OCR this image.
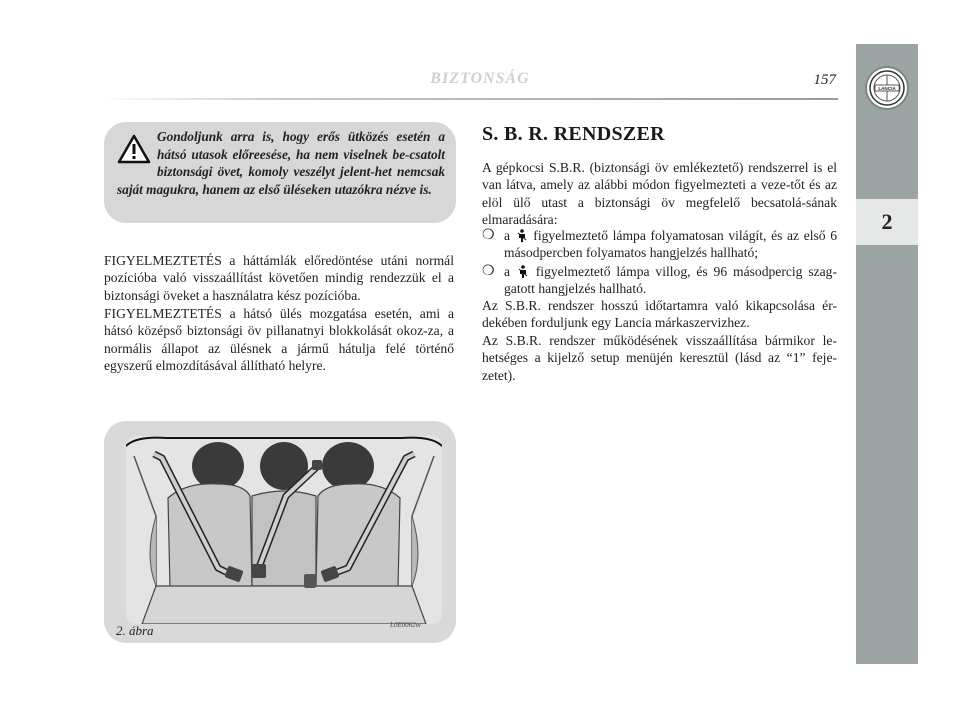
BIZTONSÁG	157
LANCIA
2
Gondoljunk arra is, hogy erős ütközés esetén a hátsó utasok előreesése, ha nem viselnek be-csatolt biztonsági övet, komoly veszélyt jelent-het nemcsak saját magukra, hanem az első üléseken utazókra nézve is.
FIGYELMEZTETÉS a háttámlák előredöntése utáni normál pozícióba való visszaállítást követően mindig rendezzük el a biztonsági öveket a használatra kész pozícióba.
FIGYELMEZTETÉS a hátsó ülés mozgatása esetén, ami a hátsó középső biztonsági öv pillanatnyi blokkolását okoz-za, a normális állapot az ülésnek a jármű hátulja felé történő egyszerű elmozdításával állítható helyre.
2. ábra	L0E0062m
S. B. R. RENDSZER
A gépkocsi S.B.R. (biztonsági öv emlékeztető) rendszerrel is el van látva, amely az alábbi módon figyelmezteti a veze-tőt és az elöl ülő utast a biztonsági öv megfelelő becsatolá-sának elmaradására:
❍ a figyelmeztető lámpa folyamatosan világít, és az első 6 másodpercben folyamatos hangjelzés hallható;
❍ a figyelmeztető lámpa villog, és 96 másodpercig szag-gatott hangjelzés hallható.
Az S.B.R. rendszer hosszú időtartamra való kikapcsolása ér-dekében forduljunk egy Lancia márkaszervizhez.
Az S.B.R. rendszer működésének visszaállítása bármikor le-hetséges a kijelző setup menüjén keresztül (lásd az “1” feje-zetet).
